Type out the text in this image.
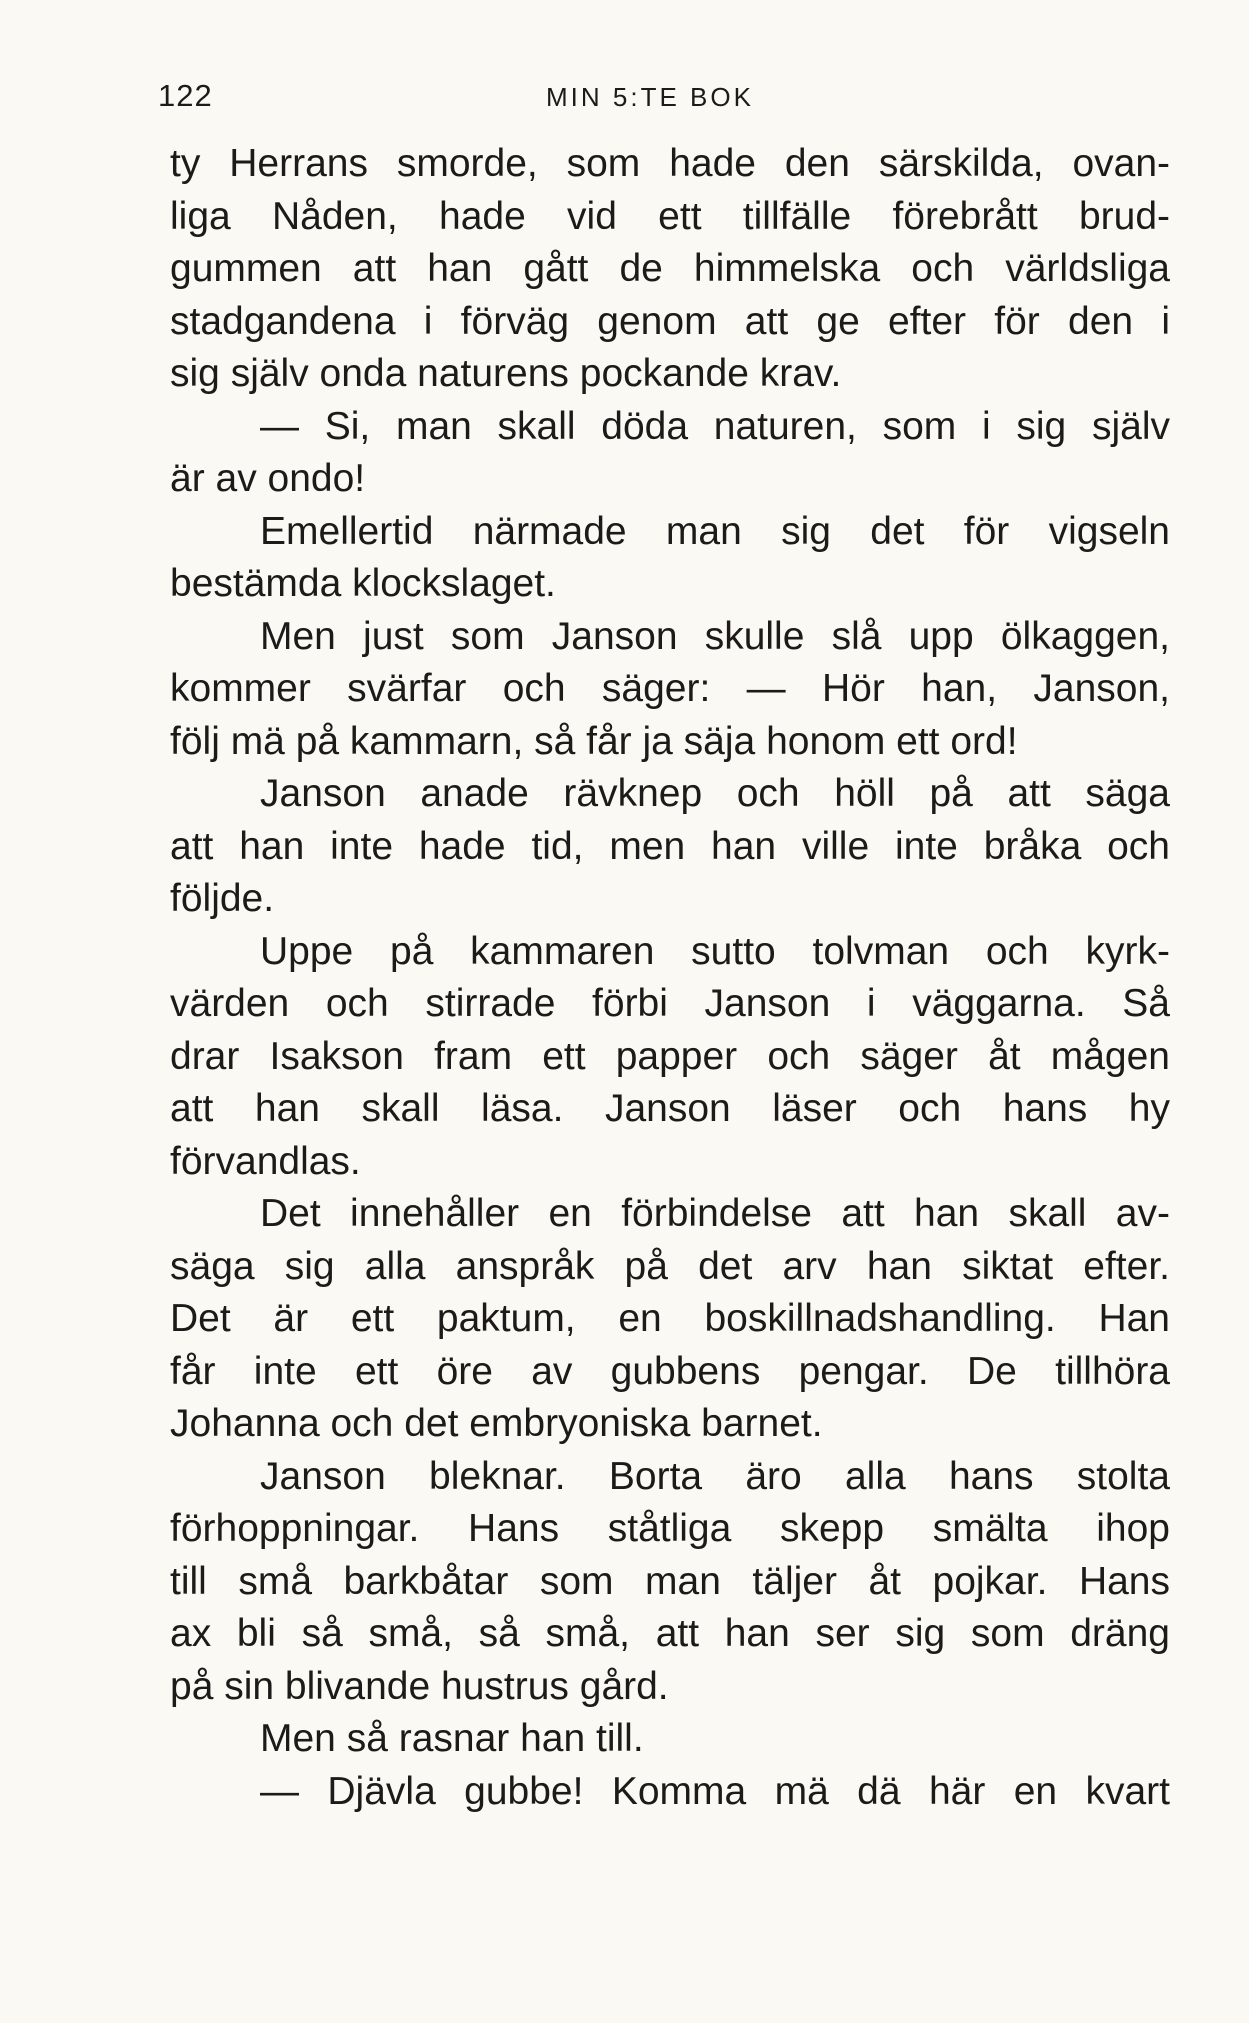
122	MIN 5:TE BOK
ty Herrans smorde, som hade den särskilda, ovan-
liga Nåden, hade vid ett tillfälle förebrått brud-
gummen att han gått de himmelska och världsliga
stadgandena i förväg genom att ge efter för den i
sig själv onda naturens pockande krav.
— Si, man skall döda naturen, som i sig själv
är av ondo!
Emellertid närmade man sig det för vigseln
bestämda klockslaget.
Men just som Janson skulle slå upp ölkaggen,
kommer svärfar och säger: — Hör han, Janson,
följ mä på kammarn, så får ja säja honom ett ord!
Janson anade rävknep och höll på att säga
att han inte hade tid, men han ville inte bråka och
följde.
Uppe på kammaren sutto tolvman och kyrk-
värden och stirrade förbi Janson i väggarna. Så
drar Isakson fram ett papper och säger åt mågen
att han skall läsa. Janson läser och hans hy
förvandlas.
Det innehåller en förbindelse att han skall av-
säga sig alla anspråk på det arv han siktat efter.
Det är ett paktum, en boskillnadshandling. Han
får inte ett öre av gubbens pengar. De tillhöra
Johanna och det embryoniska barnet.
Janson bleknar. Borta äro alla hans stolta
förhoppningar. Hans ståtliga skepp smälta ihop
till små barkbåtar som man täljer åt pojkar. Hans
ax bli så små, så små, att han ser sig som dräng
på sin blivande hustrus gård.
Men så rasnar han till.
— Djävla gubbe! Komma mä dä här en kvart
